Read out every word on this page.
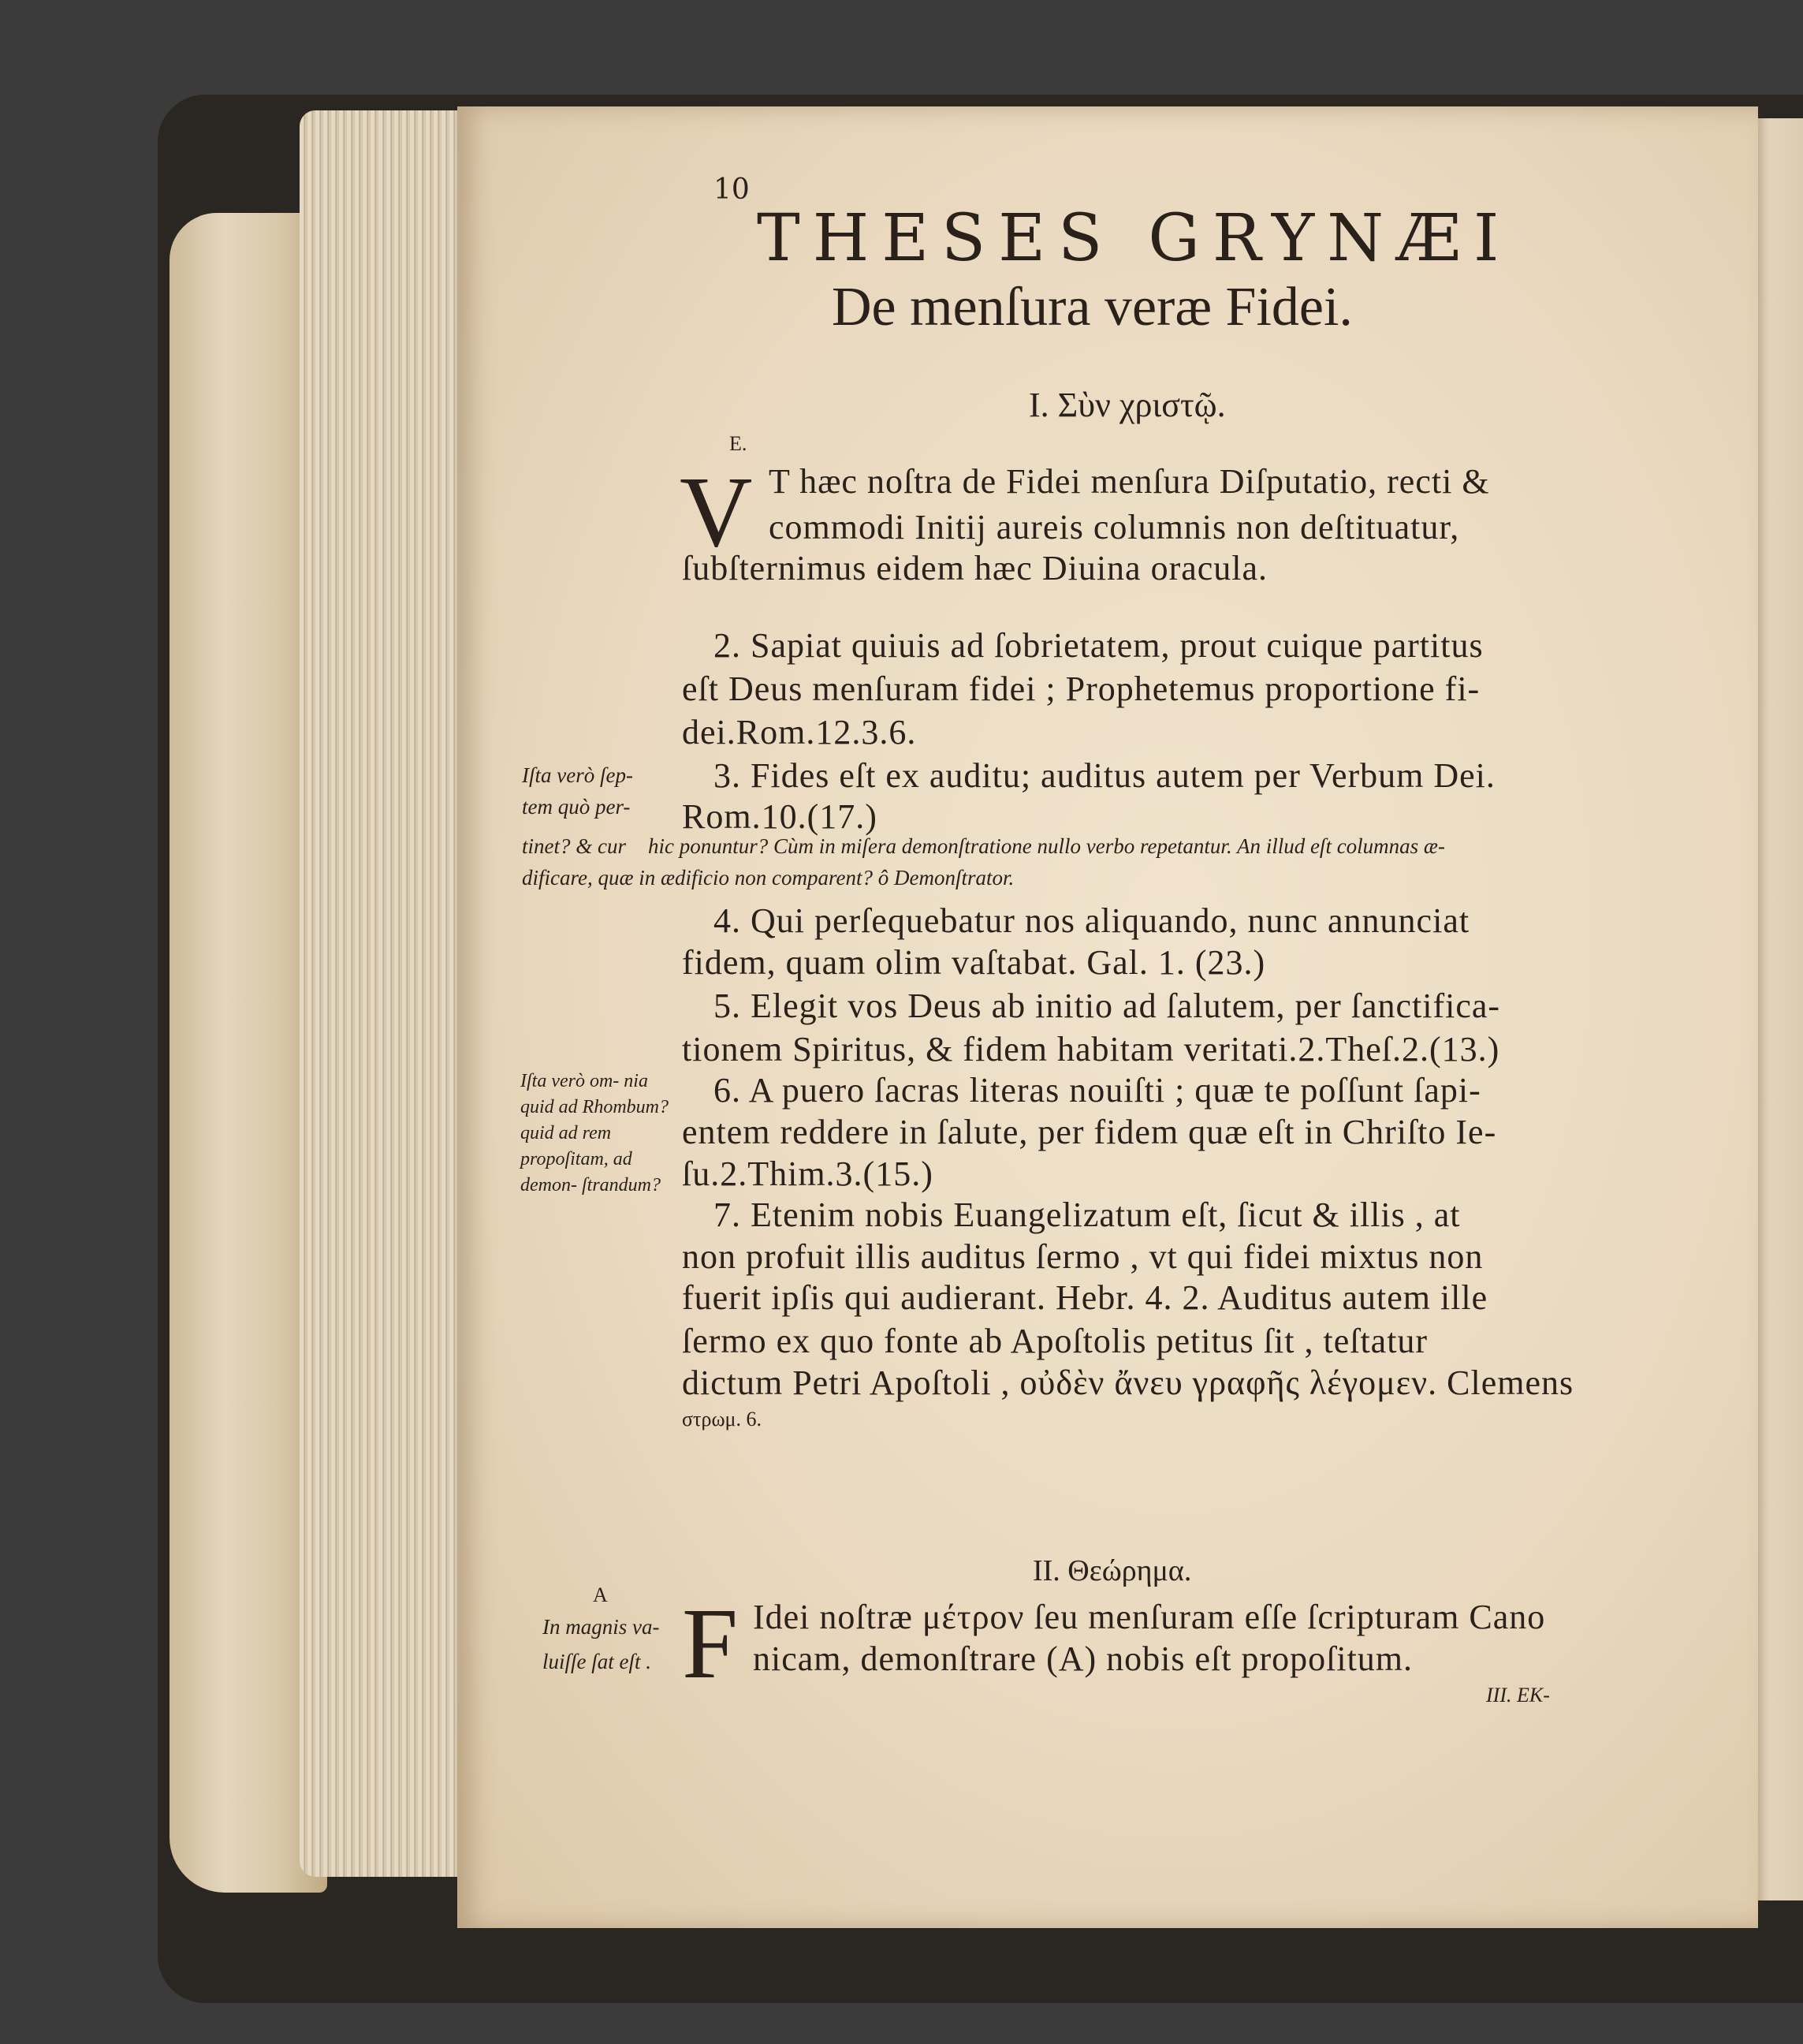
10
THESES GRYNÆI
De menſura veræ Fidei.
I. Σὺν χριστῷ.
E.
V T hæc noſtra de Fidei menſura Diſputatio, recti &
commodi Initij aureis columnis non deſtituatur,
ſubſternimus eidem hæc Diuina oracula.
2. Sapiat quiuis ad ſobrietatem, prout cuique partitus
eſt Deus menſuram fidei ; Prophetemus proportione fi-
dei.Rom.12.3.6.
Iſta verò ſep-
tem quò per-
tinet? & cur
3. Fides eſt ex auditu; auditus autem per Verbum Dei.
Rom.10.(17.)
hic ponuntur? Cùm in miſera demonſtratione nullo verbo repetantur. An illud eſt columnas æ-
dificare, quæ in ædificio non comparent? ô Demonſtrator.
4. Qui perſequebatur nos aliquando, nunc annunciat
fidem, quam olim vaſtabat. Gal. 1. (23.)
5. Elegit vos Deus ab initio ad ſalutem, per ſanctifica-
tionem Spiritus, & fidem habitam veritati.2.Theſ.2.(13.)
Iſta verò om- nia quid ad Rhombum? quid ad rem propoſitam, ad demon- ſtrandum?
6. A puero ſacras literas nouiſti ; quæ te poſſunt ſapi-
entem reddere in ſalute, per fidem quæ eſt in Chriſto Ie-
ſu.2.Thim.3.(15.)
7. Etenim nobis Euangelizatum eſt, ſicut & illis , at
non profuit illis auditus ſermo , vt qui fidei mixtus non
fuerit ipſis qui audierant. Hebr. 4. 2. Auditus autem ille
ſermo ex quo fonte ab Apoſtolis petitus ſit , teſtatur
dictum Petri Apoſtoli , οὐδὲν ἄνευ γραφῆς λέγομεν. Clemens
στρωμ. 6.
II. Θεώρημα.
A
In magnis va-
luiſſe ſat eſt . F Idei noſtræ μέτρον ſeu menſuram eſſe ſcripturam Cano
nicam, demonſtrare (A) nobis eſt propoſitum.
III. ΕΚ-
